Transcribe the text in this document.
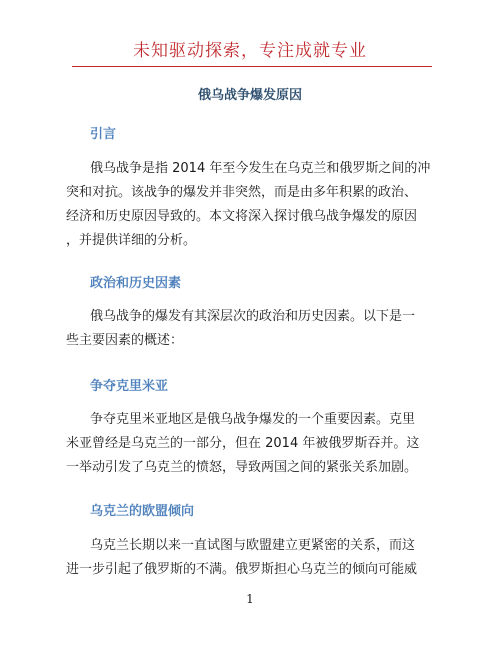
未知驱动探索，专注成就专业
俄乌战争爆发原因
引言
俄乌战争是指 2014 年至今发生在乌克兰和俄罗斯之间的冲
突和对抗。该战争的爆发并非突然，而是由多年积累的政治、
经济和历史原因导致的。本文将深入探讨俄乌战争爆发的原因
，并提供详细的分析。
政治和历史因素
俄乌战争的爆发有其深层次的政治和历史因素。以下是一
些主要因素的概述：
争夺克里米亚
争夺克里米亚地区是俄乌战争爆发的一个重要因素。克里
米亚曾经是乌克兰的一部分，但在 2014 年被俄罗斯吞并。这
一举动引发了乌克兰的愤怒，导致两国之间的紧张关系加剧。
乌克兰的欧盟倾向
乌克兰长期以来一直试图与欧盟建立更紧密的关系，而这
进一步引起了俄罗斯的不满。俄罗斯担心乌克兰的倾向可能威
1
